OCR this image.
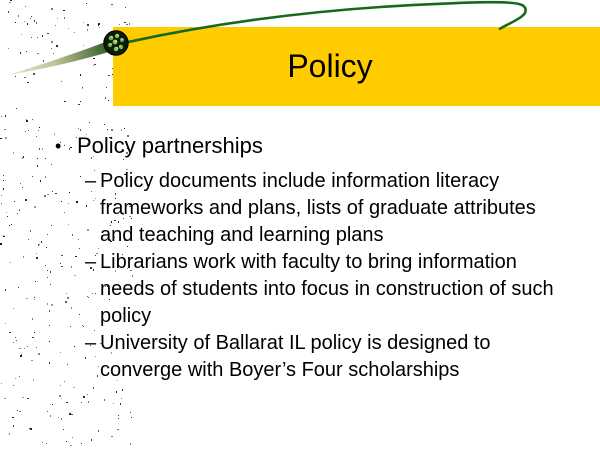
Policy
• Policy partnerships
– Policy documents include information literacy
frameworks and plans, lists of graduate attributes
and teaching and learning plans
– Librarians work with faculty to bring information
needs of students into focus in construction of such
policy
– University of Ballarat IL policy is designed to
converge with Boyer’s Four scholarships
